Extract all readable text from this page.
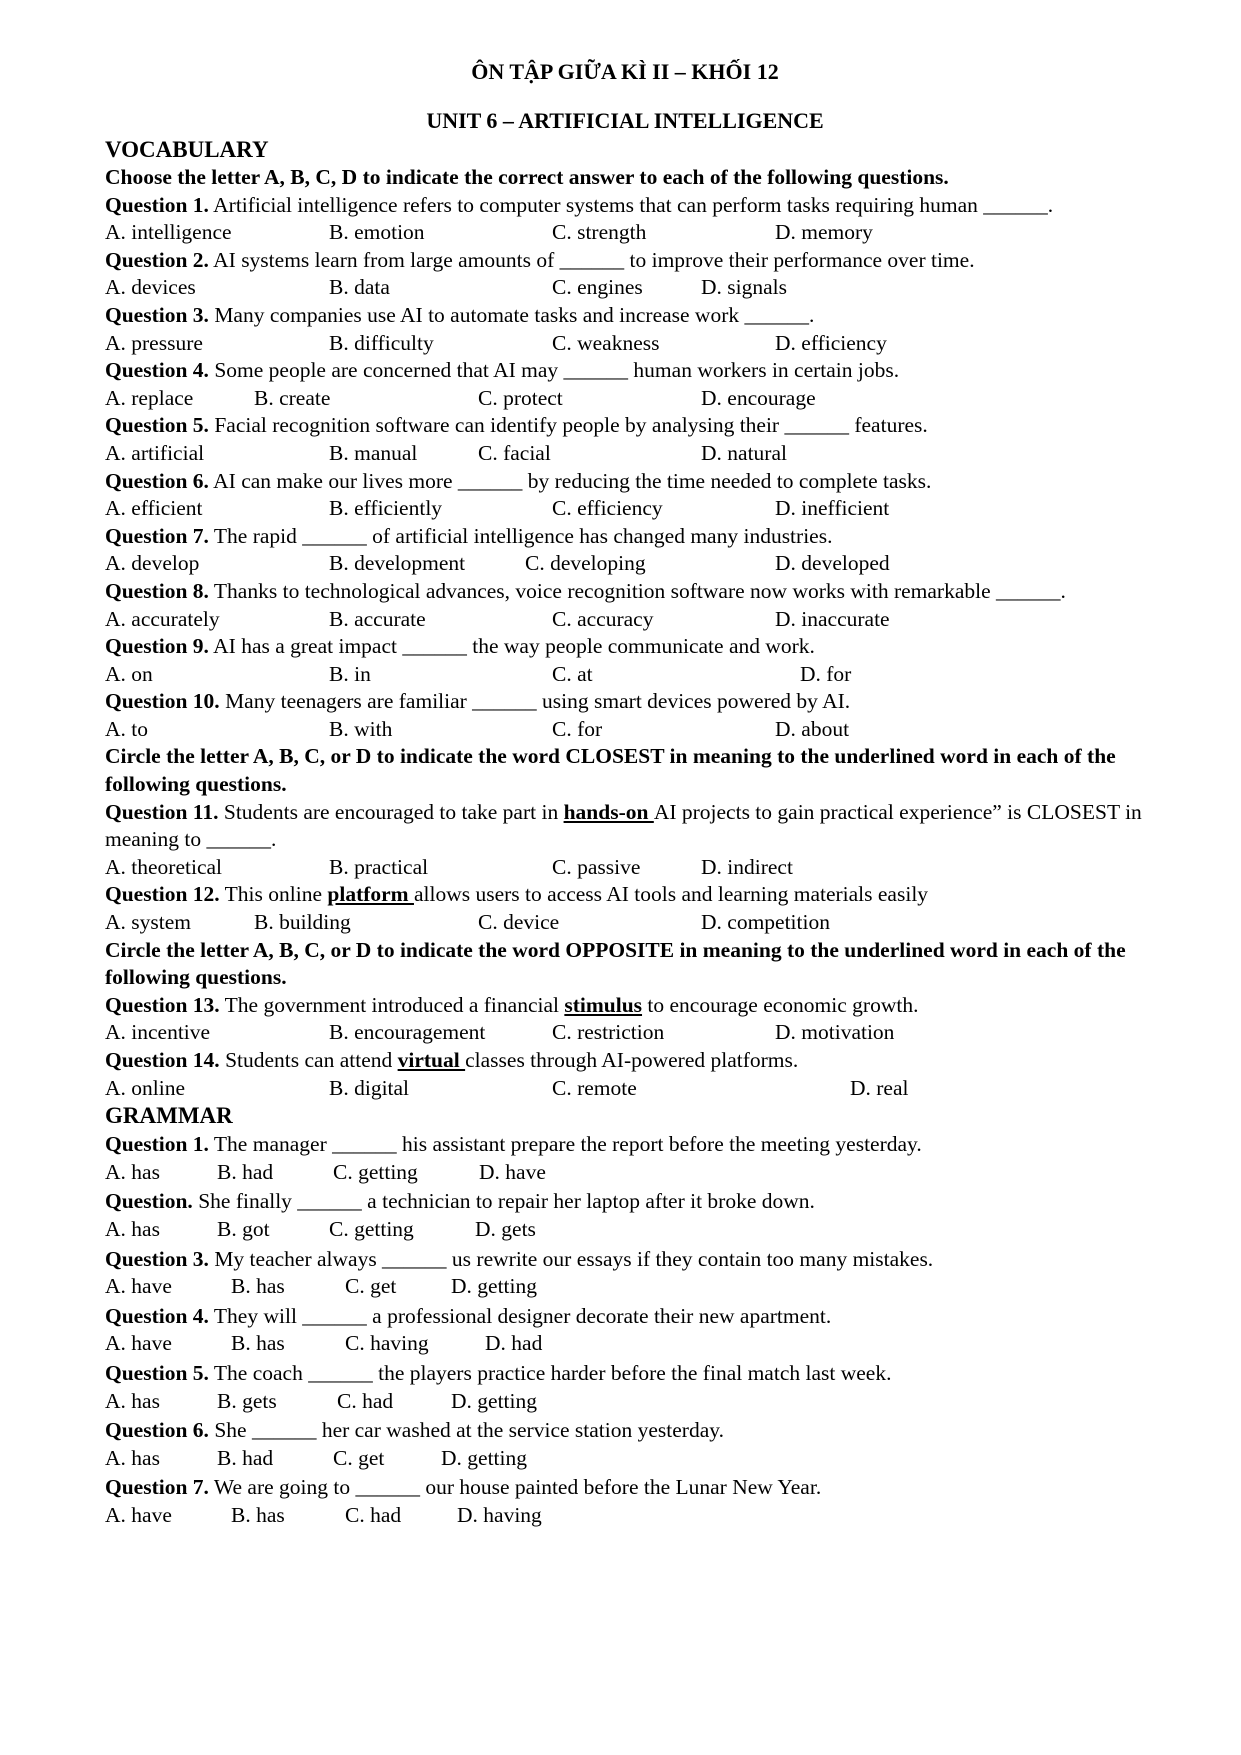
ÔN TẬP GIỮA KÌ II – KHỐI 12
UNIT 6 – ARTIFICIAL INTELLIGENCE
VOCABULARY
Choose the letter A, B, C, D to indicate the correct answer to each of the following questions.
Question 1. Artificial intelligence refers to computer systems that can perform tasks requiring human ______.
A. intelligence	B. emotion	C. strength	D. memory
Question 2. AI systems learn from large amounts of ______ to improve their performance over time.
A. devices	B. data	C. engines	D. signals
Question 3. Many companies use AI to automate tasks and increase work ______.
A. pressure	B. difficulty	C. weakness	D. efficiency
Question 4. Some people are concerned that AI may ______ human workers in certain jobs.
A. replace	B. create	C. protect	D. encourage
Question 5. Facial recognition software can identify people by analysing their ______ features.
A. artificial	B. manual	C. facial	D. natural
Question 6. AI can make our lives more ______ by reducing the time needed to complete tasks.
A. efficient	B. efficiently	C. efficiency	D. inefficient
Question 7. The rapid ______ of artificial intelligence has changed many industries.
A. develop	B. development	C. developing	D. developed
Question 8. Thanks to technological advances, voice recognition software now works with remarkable ______.
A. accurately	B. accurate	C. accuracy	D. inaccurate
Question 9. AI has a great impact ______ the way people communicate and work.
A. on	B. in	C. at	D. for
Question 10. Many teenagers are familiar ______ using smart devices powered by AI.
A. to	B. with	C. for	D. about
Circle the letter A, B, C, or D to indicate the word CLOSEST in meaning to the underlined word in each of the following questions.
Question 11. Students are encouraged to take part in hands-on AI projects to gain practical experience” is CLOSEST in meaning to ______.
A. theoretical	B. practical	C. passive	D. indirect
Question 12. This online platform allows users to access AI tools and learning materials easily
A. system	B. building	C. device	D. competition
Circle the letter A, B, C, or D to indicate the word OPPOSITE in meaning to the underlined word in each of the following questions.
Question 13. The government introduced a financial stimulus to encourage economic growth.
A. incentive	B. encouragement	C. restriction	D. motivation
Question 14. Students can attend virtual classes through AI-powered platforms.
A. online	B. digital	C. remote	D. real
GRAMMAR
Question 1. The manager ______ his assistant prepare the report before the meeting yesterday.
A. has	B. had	C. getting	D. have
Question. She finally ______ a technician to repair her laptop after it broke down.
A. has	B. got	C. getting	D. gets
Question 3. My teacher always ______ us rewrite our essays if they contain too many mistakes.
A. have	B. has	C. get	D. getting
Question 4. They will ______ a professional designer decorate their new apartment.
A. have	B. has	C. having	D. had
Question 5. The coach ______ the players practice harder before the final match last week.
A. has	B. gets	C. had	D. getting
Question 6. She ______ her car washed at the service station yesterday.
A. has	B. had	C. get	D. getting
Question 7. We are going to ______ our house painted before the Lunar New Year.
A. have	B. has	C. had	D. having
